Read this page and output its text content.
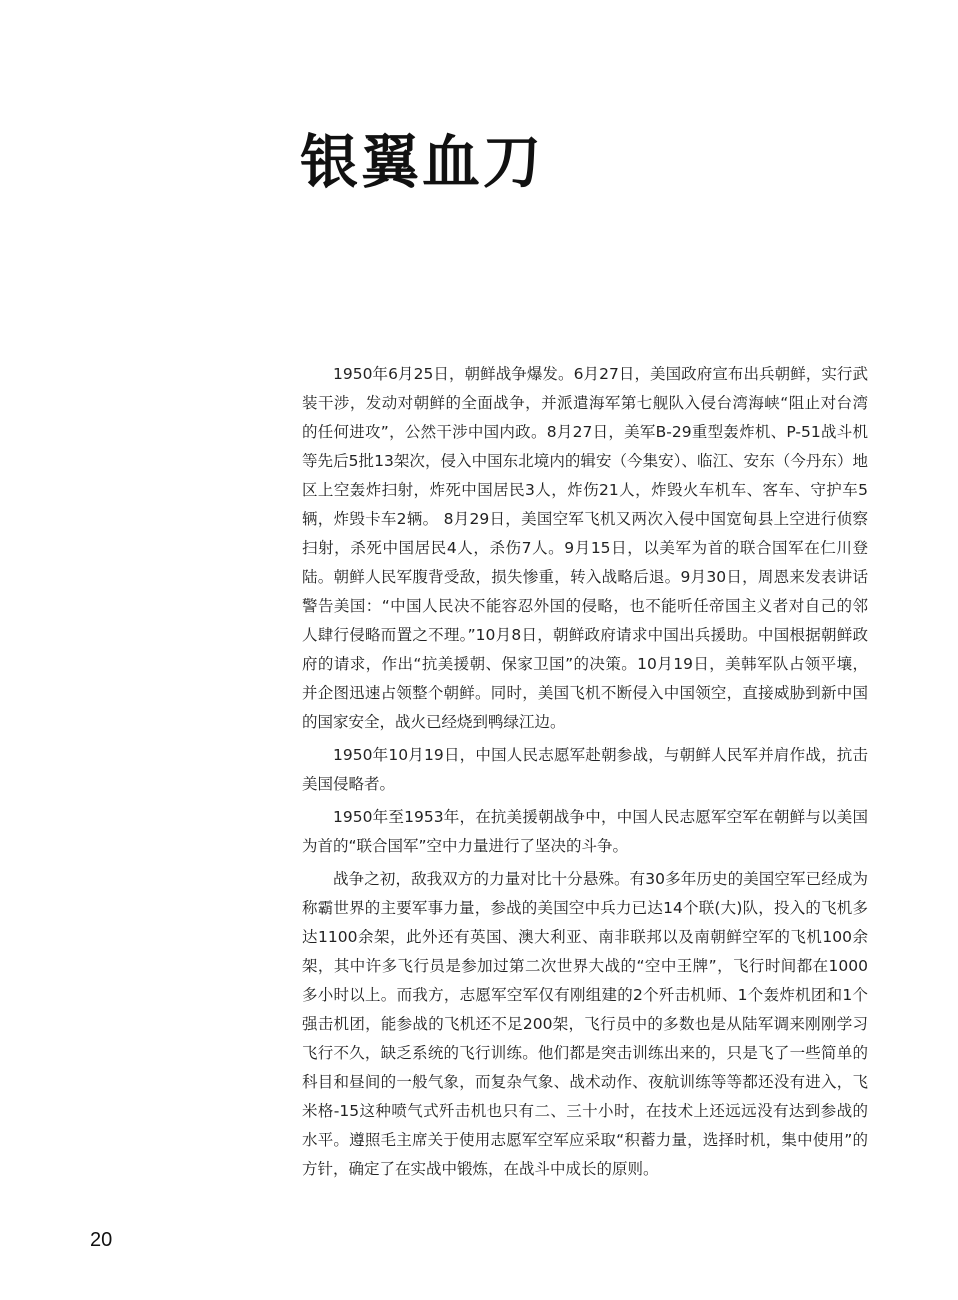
银翼血刀

1950年6月25日，朝鲜战争爆发。6月27日，美国政府宣布出兵朝鲜，实行武装干涉，发动对朝鲜的全面战争，并派遣海军第七舰队入侵台湾海峡“阻止对台湾的任何进攻”，公然干涉中国内政。8月27日，美军B-29重型轰炸机、P-51战斗机等先后5批13架次，侵入中国东北境内的辑安（今集安）、临江、安东（今丹东）地区上空轰炸扫射，炸死中国居民3人，炸伤21人，炸毁火车机车、客车、守护车5辆，炸毁卡车2辆。 8月29日，美国空军飞机又两次入侵中国宽甸县上空进行侦察扫射，杀死中国居民4人，杀伤7人。9月15日，以美军为首的联合国军在仁川登陆。朝鲜人民军腹背受敌，损失惨重，转入战略后退。9月30日，周恩来发表讲话警告美国：“中国人民决不能容忍外国的侵略，也不能听任帝国主义者对自己的邻人肆行侵略而置之不理。”10月8日，朝鲜政府请求中国出兵援助。中国根据朝鲜政府的请求，作出“抗美援朝、保家卫国”的决策。10月19日，美韩军队占领平壤，并企图迅速占领整个朝鲜。同时，美国飞机不断侵入中国领空，直接威胁到新中国的国家安全，战火已经烧到鸭绿江边。

1950年10月19日，中国人民志愿军赴朝参战，与朝鲜人民军并肩作战，抗击美国侵略者。

1950年至1953年，在抗美援朝战争中，中国人民志愿军空军在朝鲜与以美国为首的“联合国军”空中力量进行了坚决的斗争。

战争之初，敌我双方的力量对比十分悬殊。有30多年历史的美国空军已经成为称霸世界的主要军事力量，参战的美国空中兵力已达14个联(大)队，投入的飞机多达1100余架，此外还有英国、澳大利亚、南非联邦以及南朝鲜空军的飞机100余架，其中许多飞行员是参加过第二次世界大战的“空中王牌”，飞行时间都在1000多小时以上。而我方，志愿军空军仅有刚组建的2个歼击机师、1个轰炸机团和1个强击机团，能参战的飞机还不足200架，飞行员中的多数也是从陆军调来刚刚学习飞行不久，缺乏系统的飞行训练。他们都是突击训练出来的，只是飞了一些简单的科目和昼间的一般气象，而复杂气象、战术动作、夜航训练等等都还没有进入，飞米格-15这种喷气式歼击机也只有二、三十小时，在技术上还远远没有达到参战的水平。遵照毛主席关于使用志愿军空军应采取“积蓄力量，选择时机，集中使用”的方针，确定了在实战中锻炼，在战斗中成长的原则。

20
